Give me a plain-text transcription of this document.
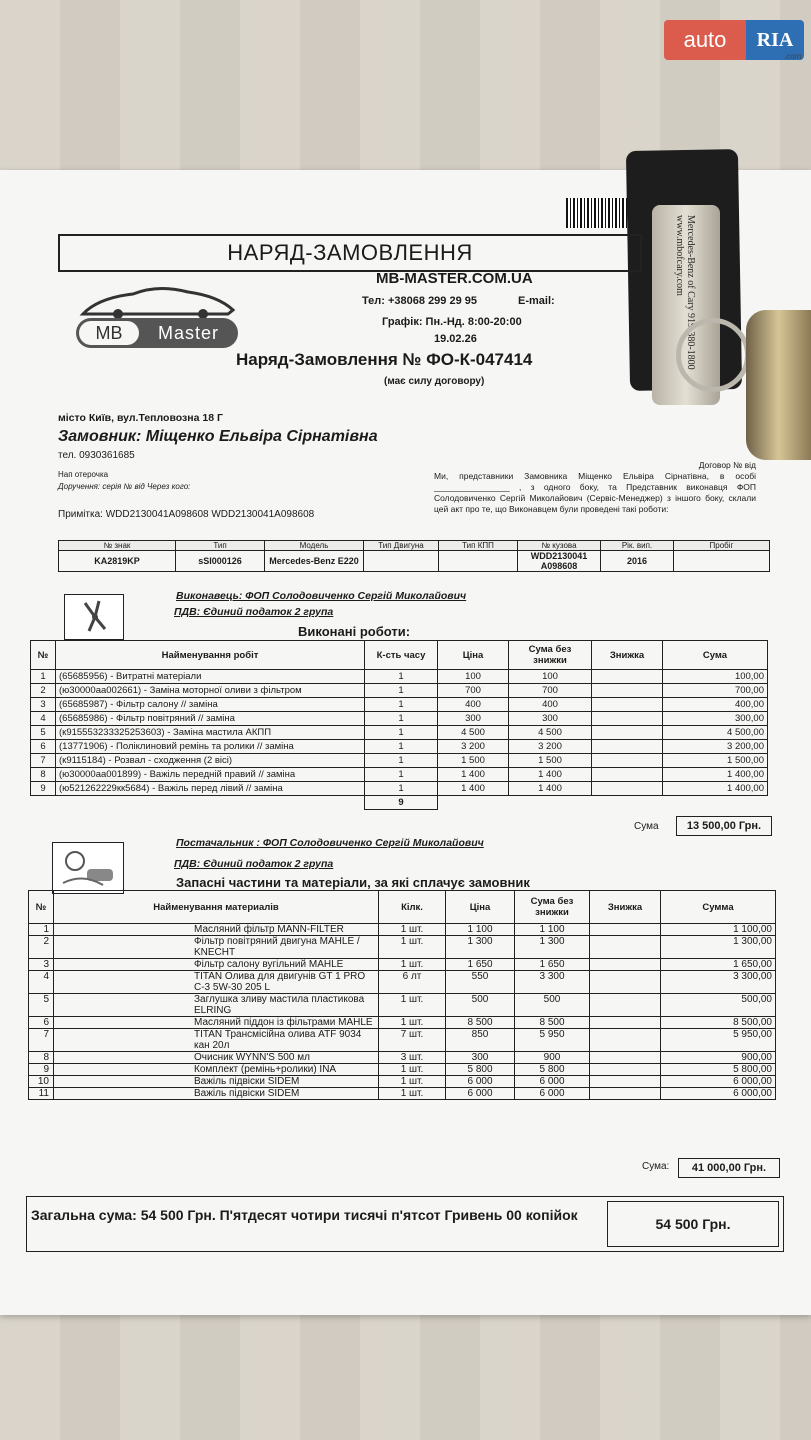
auto	RIA
.com
Mercedes-Benz of Cary 919-380-1800 www.mbofcary.com
НАРЯД-ЗАМОВЛЕННЯ
MB	Master
MB-MASTER.COM.UA
Тел: +38068 299 29 95	E-mail:
Графік: Пн.-Нд. 8:00-20:00
19.02.26
Наряд-Замовлення № ФО-К-047414
(має силу договору)
місто Київ, вул.Тепловозна 18 Г
Замовник: Міщенко Ельвіра Сірнатівна
тел. 0930361685
Нап отерочка
Доручення: серія № від Через кого:
Примітка: WDD2130041A098608 WDD2130041A098608
Договор № від
Ми, представники Замовника Міщенко Ельвіра Сірнатівна, в особі ________________ , з одного боку, та Представник виконавця ФОП Солодовиченко Сергій Миколайович (Сервіс-Менеджер) з іншого боку, склали цей акт про те, що Виконавцем були проведені такі роботи:
№ знак	Тип	Модель	Тип Двигуна	Тип КПП	№ кузова	Рік. вип.	Пробіг
KA2819KP	sSI000126	Mercedes-Benz E220			WDD2130041 A098608	2016	
Виконавець: ФОП Солодовиченко Сергій Миколайович
ПДВ: Єдиний податок 2 група
Виконані роботи:
№	Найменування робіт	К-сть часу	Ціна	Сума без знижки	Знижка	Сума
1	(65685956) - Витратні матеріали	1	100	100		100,00
2	(ю30000аа002661) - Заміна моторної оливи з фільтром	1	700	700		700,00
3	(65685987) - Фільтр салону // заміна	1	400	400		400,00
4	(65685986) - Фільтр повітряний // заміна	1	300	300		300,00
5	(к915553233325253603) - Заміна мастила АКПП	1	4 500	4 500		4 500,00
6	(13771906) - Поліклиновий ремінь та ролики // заміна	1	3 200	3 200		3 200,00
7	(к9115184) - Розвал - сходження (2 вісі)	1	1 500	1 500		1 500,00
8	(ю30000аа001899) - Важіль передній правий // заміна	1	1 400	1 400		1 400,00
9	(ю521262229кк5684) - Важіль перед лівий // заміна	1	1 400	1 400		1 400,00
		9				
Сума	13 500,00 Грн.
Постачальник : ФОП Солодовиченко Сергій Миколайович
ПДВ: Єдиний податок 2 група
Запасні частини та матеріали, за які сплачує замовник
№	Найменування материалів	Кілк.	Ціна	Сума без знижки	Знижка	Сумма
1	Масляний фільтр MANN-FILTER	1 шт.	1 100	1 100		1 100,00
2	Фільтр повітряний двигуна MAHLE / KNECHT	1 шт.	1 300	1 300		1 300,00
3	Фільтр салону вугільний MAHLE	1 шт.	1 650	1 650		1 650,00
4	TITAN Олива для двигунів GT 1 PRO C-3 5W-30 205 L	6 лт	550	3 300		3 300,00
5	Заглушка зливу мастила пластикова ELRING	1 шт.	500	500		500,00
6	Масляний піддон із фільтрами MAHLE	1 шт.	8 500	8 500		8 500,00
7	TITAN Трансмісійна олива ATF 9034 кан 20л	7 шт.	850	5 950		5 950,00
8	Очисник WYNN'S 500 мл	3 шт.	300	900		900,00
9	Комплект (ремінь+ролики) INA	1 шт.	5 800	5 800		5 800,00
10	Важіль підвіски SIDEM	1 шт.	6 000	6 000		6 000,00
11	Важіль підвіски SIDEM	1 шт.	6 000	6 000		6 000,00
Сума:	41 000,00 Грн.
Загальна сума: 54 500 Грн. П'ятдесят чотири тисячі п'ятсот Гривень 00 копійок
54 500 Грн.
